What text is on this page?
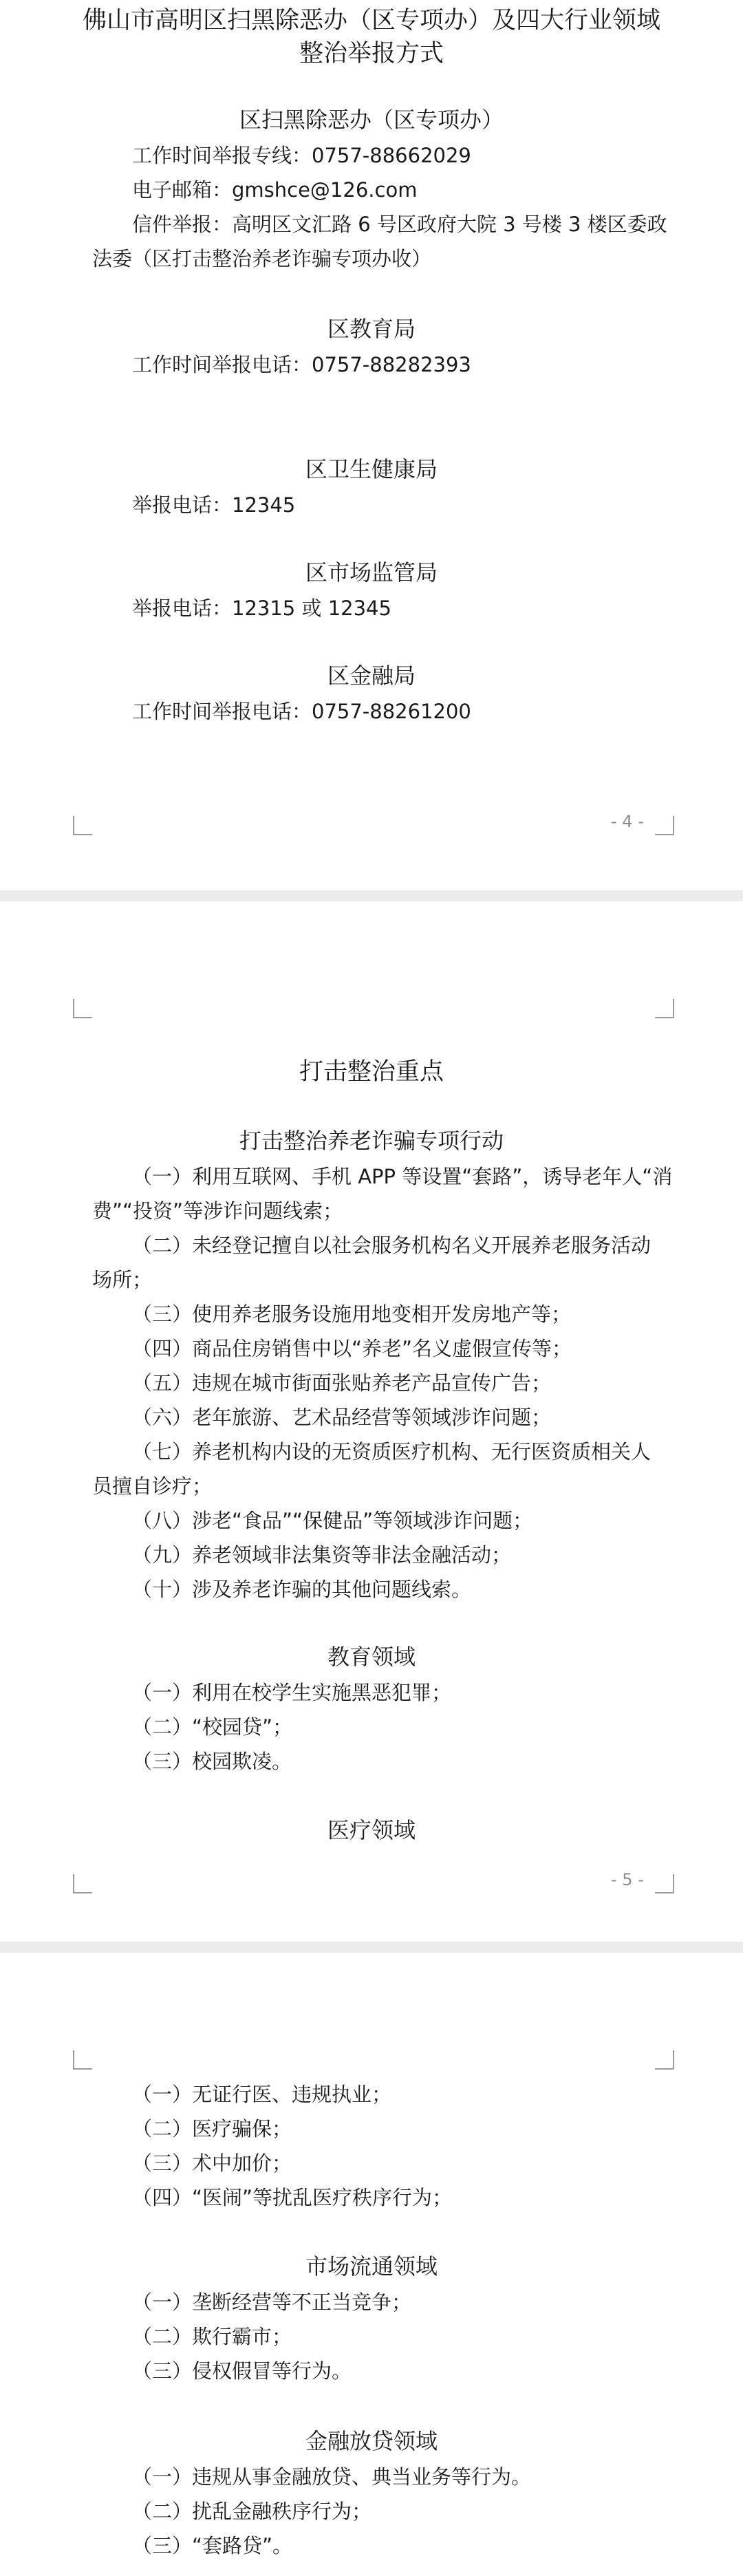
佛山市高明区扫黑除恶办（区专项办）及四大行业领域
整治举报方式
区扫黑除恶办（区专项办）
工作时间举报专线：0757-88662029
电子邮箱：gmshce@126.com
信件举报：高明区文汇路 6 号区政府大院 3 号楼 3 楼区委政
法委（区打击整治养老诈骗专项办收）
区教育局
工作时间举报电话：0757-88282393
区卫生健康局
举报电话：12345
区市场监管局
举报电话：12315 或 12345
区金融局
工作时间举报电话：0757-88261200
- 4 -
打击整治重点
打击整治养老诈骗专项行动
（一）利用互联网、手机 APP 等设置“套路”，诱导老年人“消
费”“投资”等涉诈问题线索；
（二）未经登记擅自以社会服务机构名义开展养老服务活动
场所；
（三）使用养老服务设施用地变相开发房地产等；
（四）商品住房销售中以“养老”名义虚假宣传等；
（五）违规在城市街面张贴养老产品宣传广告；
（六）老年旅游、艺术品经营等领域涉诈问题；
（七）养老机构内设的无资质医疗机构、无行医资质相关人
员擅自诊疗；
（八）涉老“食品”“保健品”等领域涉诈问题；
（九）养老领域非法集资等非法金融活动；
（十）涉及养老诈骗的其他问题线索。
教育领域
（一）利用在校学生实施黑恶犯罪；
（二）“校园贷”；
（三）校园欺凌。
医疗领域
- 5 -
（一）无证行医、违规执业；
（二）医疗骗保；
（三）术中加价；
（四）“医闹”等扰乱医疗秩序行为；
市场流通领域
（一）垄断经营等不正当竞争；
（二）欺行霸市；
（三）侵权假冒等行为。
金融放贷领域
（一）违规从事金融放贷、典当业务等行为。
（二）扰乱金融秩序行为；
（三）“套路贷”。
